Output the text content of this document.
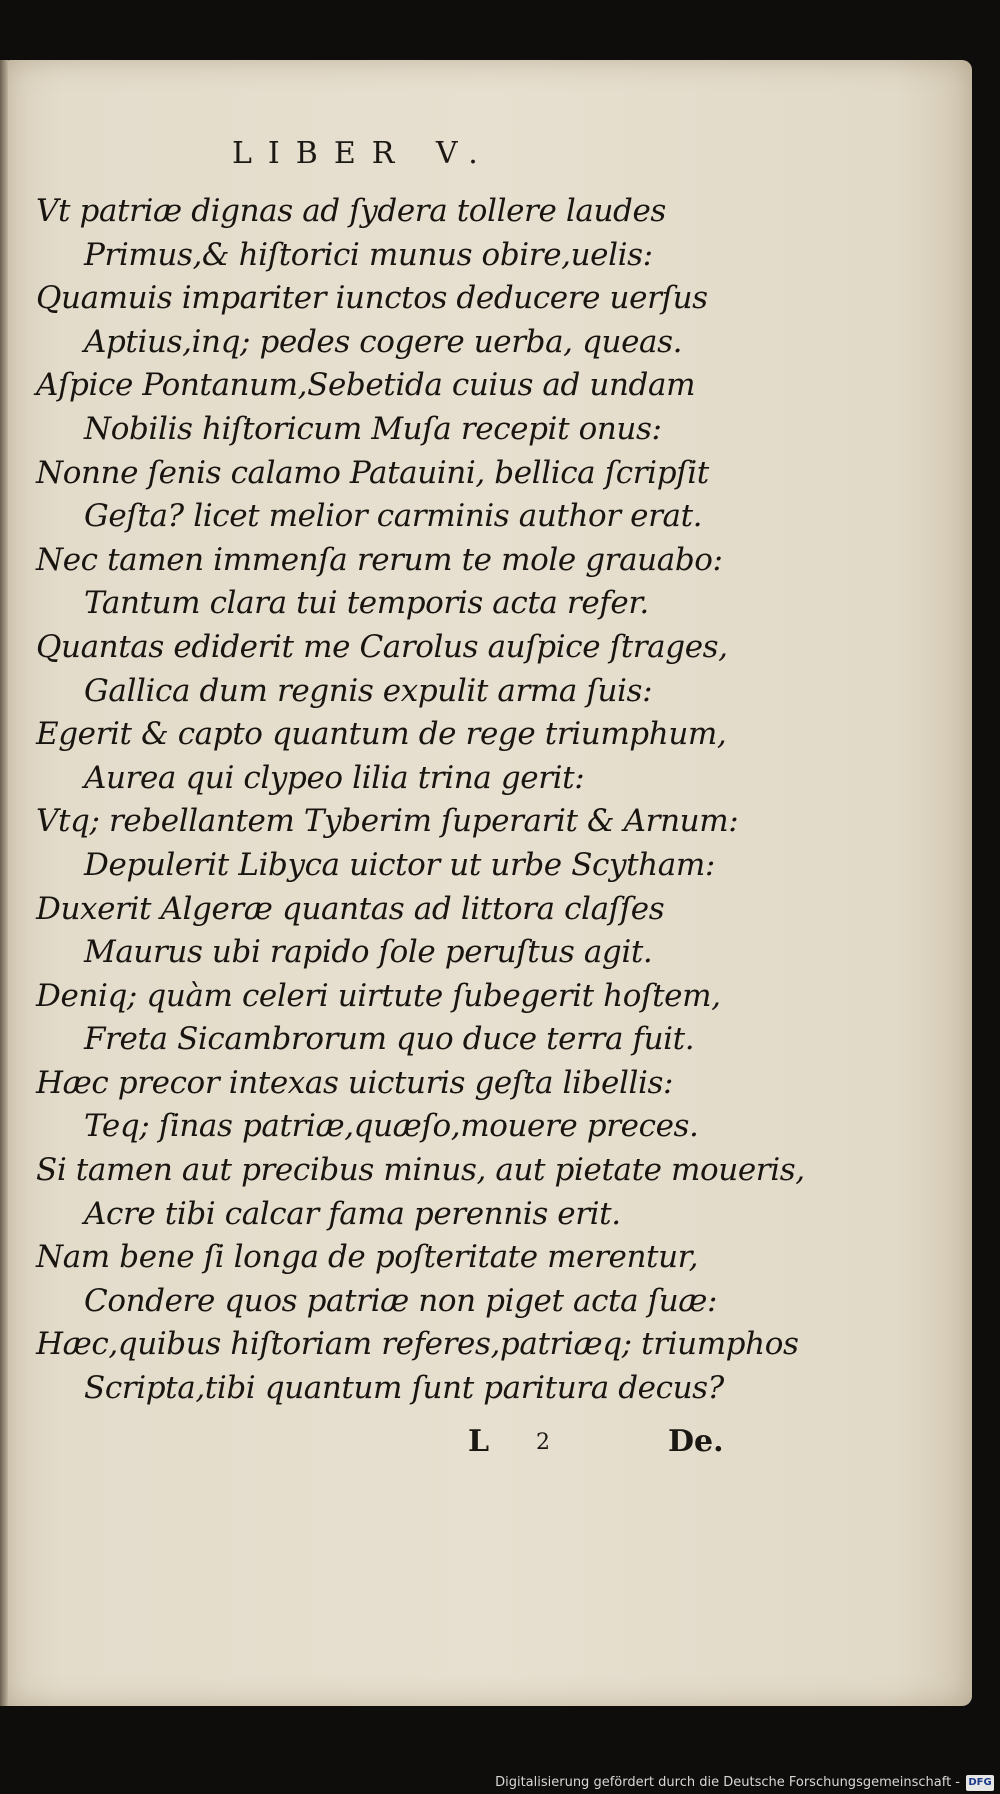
LIBER V.
Vt patriæ dignas ad ſydera tollere laudes
Primus,& hiſtorici munus obire,uelis:
Quamuis impariter iunctos deducere uerſus
Aptius,inq; pedes cogere uerba, queas.
Aſpice Pontanum,Sebetida cuius ad undam
Nobilis hiſtoricum Muſa recepit onus:
Nonne ſenis calamo Patauini, bellica ſcripſit
Geſta? licet melior carminis author erat.
Nec tamen immenſa rerum te mole grauabo:
Tantum clara tui temporis acta refer.
Quantas ediderit me Carolus auſpice ſtrages,
Gallica dum regnis expulit arma ſuis:
Egerit & capto quantum de rege triumphum,
Aurea qui clypeo lilia trina gerit:
Vtq; rebellantem Tyberim ſuperarit & Arnum:
Depulerit Libyca uictor ut urbe Scytham:
Duxerit Algeræ quantas ad littora claſſes
Maurus ubi rapido ſole peruſtus agit.
Deniq; quàm celeri uirtute ſubegerit hoſtem,
Freta Sicambrorum quo duce terra fuit.
Hæc precor intexas uicturis geſta libellis:
Teq; ſinas patriæ,quæſo,mouere preces.
Si tamen aut precibus minus, aut pietate moueris,
Acre tibi calcar fama perennis erit.
Nam bene ſi longa de poſteritate merentur,
Condere quos patriæ non piget acta ſuæ:
Hæc,quibus hiſtoriam referes,patriæq; triumphos
Scripta,tibi quantum ſunt paritura decus?
L 2	De.
Digitalisierung gefördert durch die Deutsche Forschungsgemeinschaft - DFG
